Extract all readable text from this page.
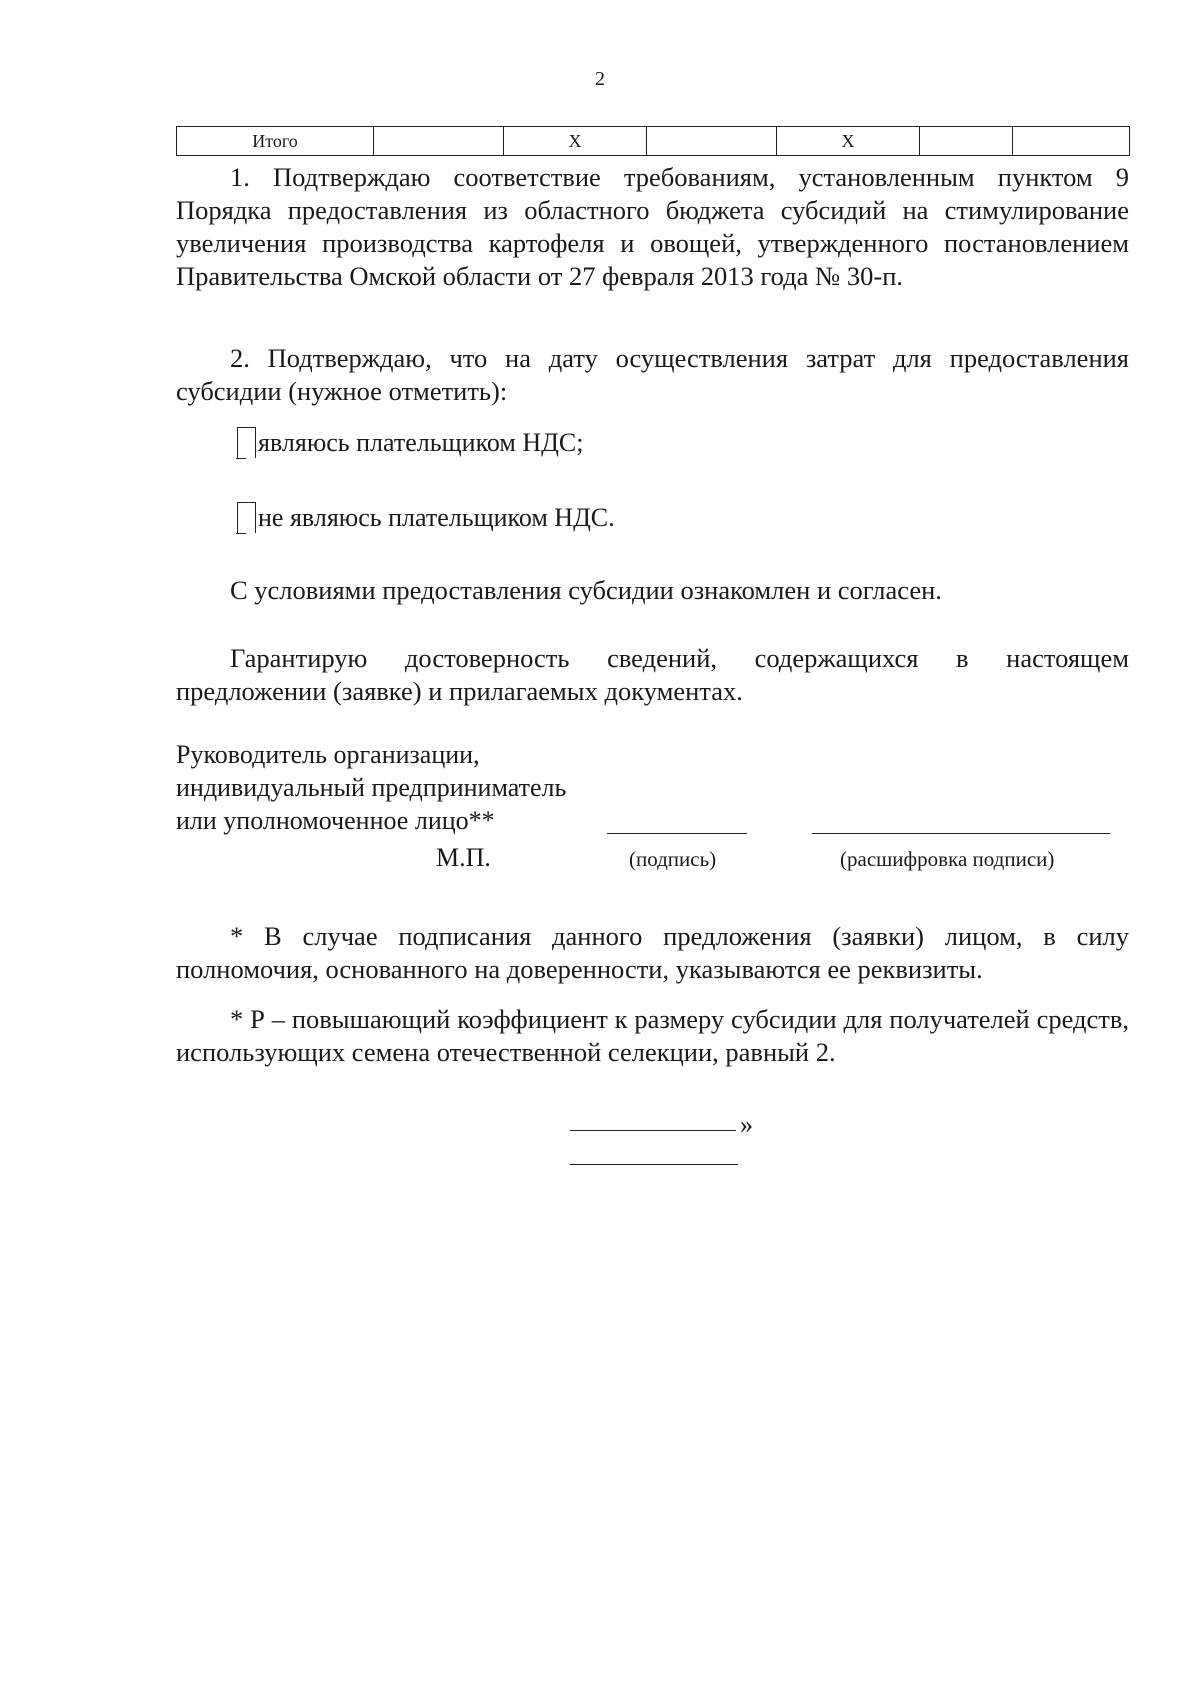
2
Итого		Х		Х		

1. Подтверждаю соответствие требованиям, установленным пунктом 9 Порядка предоставления из областного бюджета субсидий на стимулирование увеличения производства картофеля и овощей, утвержденного постановлением Правительства Омской области от 27 февраля 2013 года № 30-п.

2. Подтверждаю, что на дату осуществления затрат для предоставления субсидии (нужное отметить):

являюсь плательщиком НДС;
не являюсь плательщиком НДС.

С условиями предоставления субсидии ознакомлен и согласен.

Гарантирую достоверность сведений, содержащихся в настоящем предложении (заявке) и прилагаемых документах.

Руководитель организации,
индивидуальный предприниматель
или уполномоченное лицо**
М.П.	(подпись)	(расшифровка подписи)

* В случае подписания данного предложения (заявки) лицом, в силу полномочия, основанного на доверенности, указываются ее реквизиты.

* Р – повышающий коэффициент к размеру субсидии для получателей средств, использующих семена отечественной селекции, равный 2.

»
